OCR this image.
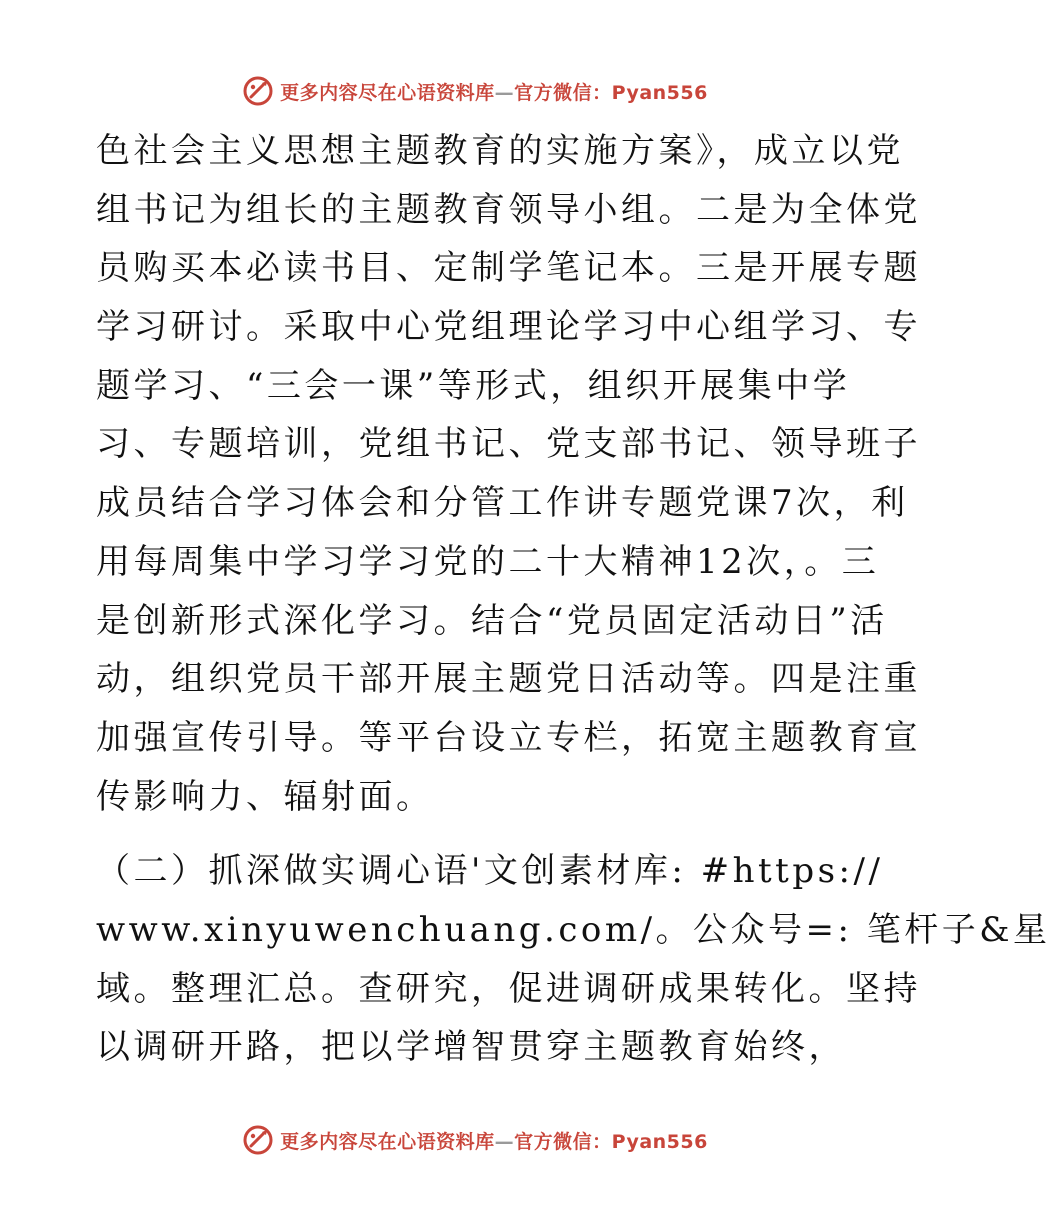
更多内容尽在心语资料库—官方微信：Pyan556
色社会主义思想主题教育的实施方案》，成立以党
组书记为组长的主题教育领导小组。二是为全体党
员购买本必读书目、定制学笔记本。三是开展专题
学习研讨。采取中心党组理论学习中心组学习、专
题学习、“三会一课”等形式，组织开展集中学
习、专题培训，党组书记、党支部书记、领导班子
成员结合学习体会和分管工作讲专题党课7次，利
用每周集中学习学习党的二十大精神12次，。三
是创新形式深化学习。结合“党员固定活动日”活
动，组织党员干部开展主题党日活动等。四是注重
加强宣传引导。等平台设立专栏，拓宽主题教育宣
传影响力、辐射面。
（二）抓深做实调心语'文创素材库: #https://
www.xinyuwenchuang.com/。公众号=: 笔杆子&星
域。整理汇总。查研究，促进调研成果转化。坚持
以调研开路，把以学增智贯穿主题教育始终，
更多内容尽在心语资料库—官方微信：Pyan556
